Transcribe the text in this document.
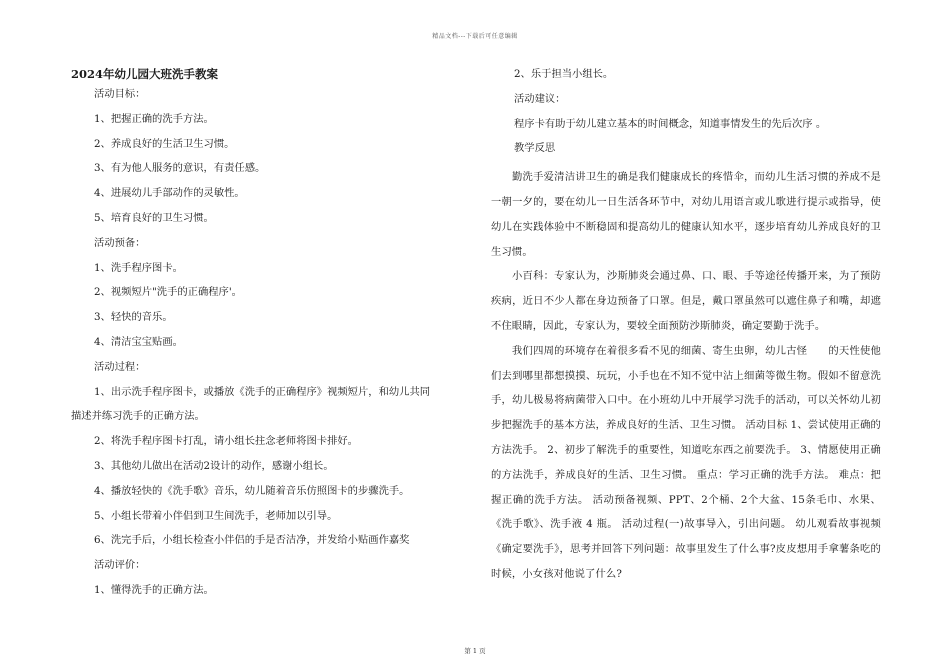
精品文档---下载后可任意编辑

2024年幼儿园大班洗手教案

活动目标：

1、把握正确的洗手方法。

2、养成良好的生活卫生习惯。

3、有为他人服务的意识，有责任感。

4、进展幼儿手部动作的灵敏性。

5、培育良好的卫生习惯。

活动预备：

1、洗手程序图卡。

2、视频短片"洗手的正确程序'。

3、轻快的音乐。

4、清洁宝宝贴画。

活动过程：

1、出示洗手程序图卡，或播放《洗手的正确程序》视频短片，和幼儿共同

描述并练习洗手的正确方法。

2、将洗手程序图卡打乱，请小组长拄念老师将图卡排好。

3、其他幼儿做出在活动2设计的动作，感谢小组长。

4、播放轻快的《洗手歌》音乐，幼儿随着音乐仿照图卡的步骤洗手。

5、小组长带着小伴侣到卫生间洗手，老师加以引导。

6、洗完手后，小组长检查小伴侣的手是否洁净，并发给小贴画作嘉奖

活动评价：

1、懂得洗手的正确方法。

2、乐于担当小组长。

活动建议：

程序卡有助于幼儿建立基本的时间概念，知道事情发生的先后次序 。

教学反思

勤洗手爱清洁讲卫生的确是我们健康成长的疼惜伞，而幼儿生活习惯的养成不是一朝一夕的，要在幼儿一日生活各环节中，对幼儿用语言或儿歌进行提示或指导，使幼儿在实践体验中不断稳固和提高幼儿的健康认知水平，逐步培育幼儿养成良好的卫生习惯。

小百科：专家认为，沙斯肺炎会通过鼻、口、眼、手等途径传播开来，为了预防疾病，近日不少人都在身边预备了口罩。但是，戴口罩虽然可以遮住鼻子和嘴，却遮不住眼睛，因此，专家认为，要较全面预防沙斯肺炎，确定要勤于洗手。

我们四周的环境存在着很多看不见的细菌、寄生虫卵，幼儿古怪　　的天性使他们去到哪里都想摸摸、玩玩，小手也在不知不觉中沾上细菌等微生物。假如不留意洗手，幼儿极易将病菌带入口中。在小班幼儿中开展学习洗手的活动，可以关怀幼儿初步把握洗手的基本方法，养成良好的生活、卫生习惯。 活动目标 1、尝试使用正确的方法洗手。 2、初步了解洗手的重要性，知道吃东西之前要洗手。 3、情愿使用正确的方法洗手，养成良好的生活、卫生习惯。 重点：学习正确的洗手方法。 难点：把握正确的洗手方法。 活动预备视频、PPT、2个桶、2个大盆、15条毛巾、水果、《洗手歌》、洗手液 4 瓶。 活动过程(一)故事导入，引出问题。 幼儿观看故事视频《确定要洗手》，思考并回答下列问题：故事里发生了什么事?皮皮想用手拿薯条吃的时候，小女孩对他说了什么?

第 1 页
